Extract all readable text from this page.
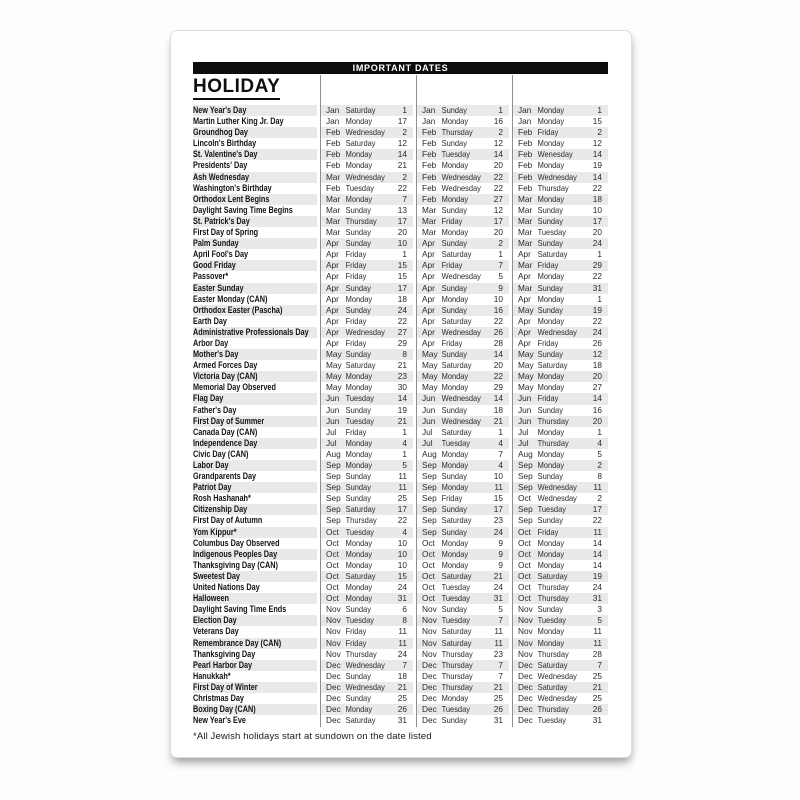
IMPORTANT DATES
HOLIDAY
New Year's Day	Jan Saturday	1	Jan Sunday	1	Jan Monday	1
Martin Luther King Jr. Day	Jan Monday	17	Jan Monday	16	Jan Monday	15
Groundhog Day	Feb Wednesday	2	Feb Thursday	2	Feb Friday	2
Lincoln's Birthday	Feb Saturday	12	Feb Sunday	12	Feb Monday	12
St. Valentine's Day	Feb Monday	14	Feb Tuesday	14	Feb Wenesday	14
Presidents' Day	Feb Monday	21	Feb Monday	20	Feb Monday	19
Ash Wednesday	Mar Wednesday	2	Feb Wednesday	22	Feb Wednesday	14
Washington's Birthday	Feb Tuesday	22	Feb Wednesday	22	Feb Thursday	22
Orthodox Lent Begins	Mar Monday	7	Feb Monday	27	Mar Monday	18
Daylight Saving Time Begins	Mar Sunday	13	Mar Sunday	12	Mar Sunday	10
St. Patrick's Day	Mar Thursday	17	Mar Friday	17	Mar Sunday	17
First Day of Spring	Mar Sunday	20	Mar Monday	20	Mar Tuesday	20
Palm Sunday	Apr Sunday	10	Apr Sunday	2	Mar Sunday	24
April Fool's Day	Apr Friday	1	Apr Saturday	1	Apr Saturday	1
Good Friday	Apr Friday	15	Apr Friday	7	Mar Friday	29
Passover*	Apr Friday	15	Apr Wednesday	5	Apr Monday	22
Easter Sunday	Apr Sunday	17	Apr Sunday	9	Mar Sunday	31
Easter Monday (CAN)	Apr Monday	18	Apr Monday	10	Apr Monday	1
Orthodox Easter (Pascha)	Apr Sunday	24	Apr Sunday	16	May Sunday	19
Earth Day	Apr Friday	22	Apr Saturday	22	Apr Monday	22
Administrative Professionals Day	Apr Wednesday	27	Apr Wednesday	26	Apr Wednesday	24
Arbor Day	Apr Friday	29	Apr Friday	28	Apr Friday	26
Mother's Day	May Sunday	8	May Sunday	14	May Sunday	12
Armed Forces Day	May Saturday	21	May Saturday	20	May Saturday	18
Victoria Day (CAN)	May Monday	23	May Monday	22	May Monday	20
Memorial Day Observed	May Monday	30	May Monday	29	May Monday	27
Flag Day	Jun Tuesday	14	Jun Wednesday	14	Jun Friday	14
Father's Day	Jun Sunday	19	Jun Sunday	18	Jun Sunday	16
First Day of Summer	Jun Tuesday	21	Jun Wednesday	21	Jun Thursday	20
Canada Day (CAN)	Jul	Friday	1	Jul	Saturday	1	Jul	Monday	1
Independence Day	Jul	Monday	4	Jul	Tuesday	4	Jul	Thursday	4
Civic Day (CAN)	Aug Monday	1	Aug Monday	7	Aug Monday	5
Labor Day	Sep Monday	5	Sep Monday	4	Sep Monday	2
Grandparents Day	Sep Sunday	11	Sep Sunday	10	Sep Sunday	8
Patriot Day	Sep Sunday	11	Sep Monday	11	Sep Wednesday	11
Rosh Hashanah*	Sep Sunday	25	Sep Friday	15	Oct Wednesday	2
Citizenship Day	Sep Saturday	17	Sep Sunday	17	Sep Tuesday	17
First Day of Autumn	Sep Thursday	22	Sep Saturday	23	Sep Sunday	22
Yom Kippur*	Oct Tuesday	4	Sep Sunday	24	Oct Friday	11
Columbus Day Observed	Oct Monday	10	Oct Monday	9	Oct Monday	14
Indigenous Peoples Day	Oct Monday	10	Oct Monday	9	Oct Monday	14
Thanksgiving Day (CAN)	Oct Monday	10	Oct Monday	9	Oct Monday	14
Sweetest Day	Oct Saturday	15	Oct Saturday	21	Oct Saturday	19
United Nations Day	Oct Monday	24	Oct Tuesday	24	Oct Thursday	24
Halloween	Oct Monday	31	Oct Tuesday	31	Oct Thursday	31
Daylight Saving Time Ends	Nov Sunday	6	Nov Sunday	5	Nov Sunday	3
Election Day	Nov Tuesday	8	Nov Tuesday	7	Nov Tuesday	5
Veterans Day	Nov Friday	11	Nov Saturday	11	Nov Monday	11
Remembrance Day (CAN)	Nov Friday	11	Nov Saturday	11	Nov Monday	11
Thanksgiving Day	Nov Thursday	24	Nov Thursday	23	Nov Thursday	28
Pearl Harbor Day	Dec Wednesday	7	Dec Thursday	7	Dec Saturday	7
Hanukkah*	Dec Sunday	18	Dec Thursday	7	Dec Wednesday	25
First Day of Winter	Dec Wednesday	21	Dec Thursday	21	Dec Saturday	21
Christmas Day	Dec Sunday	25	Dec Monday	25	Dec Wednesday	25
Boxing Day (CAN)	Dec Monday	26	Dec Tuesday	26	Dec Thursday	26
New Year's Eve	Dec Saturday	31	Dec Sunday	31	Dec Tuesday	31
*All Jewish holidays start at sundown on the date listed
